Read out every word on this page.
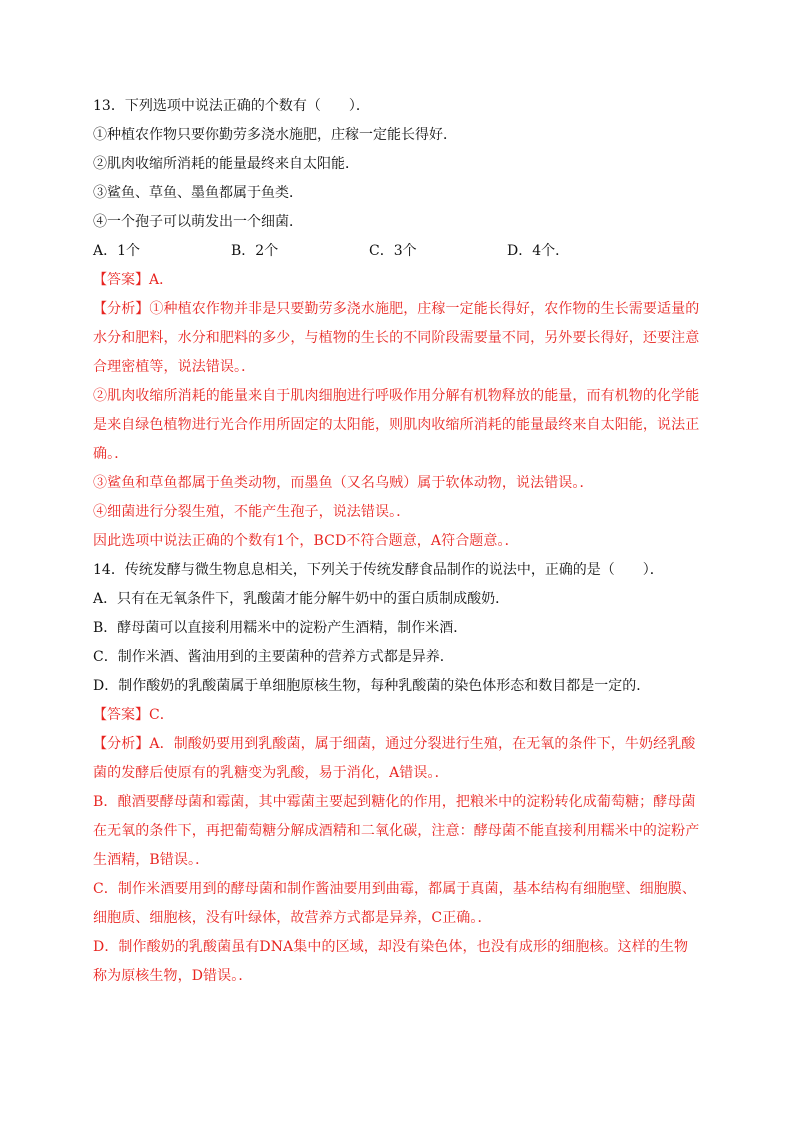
13．下列选项中说法正确的个数有（　　）．
①种植农作物只要你勤劳多浇水施肥，庄稼一定能长得好．
②肌肉收缩所消耗的能量最终来自太阳能．
③鲨鱼、草鱼、墨鱼都属于鱼类．
④一个孢子可以萌发出一个细菌．
A．1个	B．2个	C．3个	D．4个．
【答案】A．
【分析】①种植农作物并非是只要勤劳多浇水施肥，庄稼一定能长得好，农作物的生长需要适量的
水分和肥料，水分和肥料的多少，与植物的生长的不同阶段需要量不同，另外要长得好，还要注意
合理密植等，说法错误。．
②肌肉收缩所消耗的能量来自于肌肉细胞进行呼吸作用分解有机物释放的能量，而有机物的化学能
是来自绿色植物进行光合作用所固定的太阳能，则肌肉收缩所消耗的能量最终来自太阳能，说法正
确。．
③鲨鱼和草鱼都属于鱼类动物，而墨鱼（又名乌贼）属于软体动物，说法错误。．
④细菌进行分裂生殖，不能产生孢子，说法错误。．
因此选项中说法正确的个数有1个，BCD不符合题意，A符合题意。．
14．传统发酵与微生物息息相关，下列关于传统发酵食品制作的说法中，正确的是（　　）．
A．只有在无氧条件下，乳酸菌才能分解牛奶中的蛋白质制成酸奶．
B．酵母菌可以直接利用糯米中的淀粉产生酒精，制作米酒．
C．制作米酒、酱油用到的主要菌种的营养方式都是异养．
D．制作酸奶的乳酸菌属于单细胞原核生物，每种乳酸菌的染色体形态和数目都是一定的．
【答案】C．
【分析】A．制酸奶要用到乳酸菌，属于细菌，通过分裂进行生殖，在无氧的条件下，牛奶经乳酸
菌的发酵后使原有的乳糖变为乳酸，易于消化，A错误。．
B．酿酒要酵母菌和霉菌，其中霉菌主要起到糖化的作用，把粮米中的淀粉转化成葡萄糖；酵母菌
在无氧的条件下，再把葡萄糖分解成酒精和二氧化碳，注意：酵母菌不能直接利用糯米中的淀粉产
生酒精，B错误。．
C．制作米酒要用到的酵母菌和制作酱油要用到曲霉，都属于真菌，基本结构有细胞壁、细胞膜、
细胞质、细胞核，没有叶绿体，故营养方式都是异养，C正确。．
D．制作酸奶的乳酸菌虽有DNA集中的区域，却没有染色体，也没有成形的细胞核。这样的生物
称为原核生物，D错误。．
